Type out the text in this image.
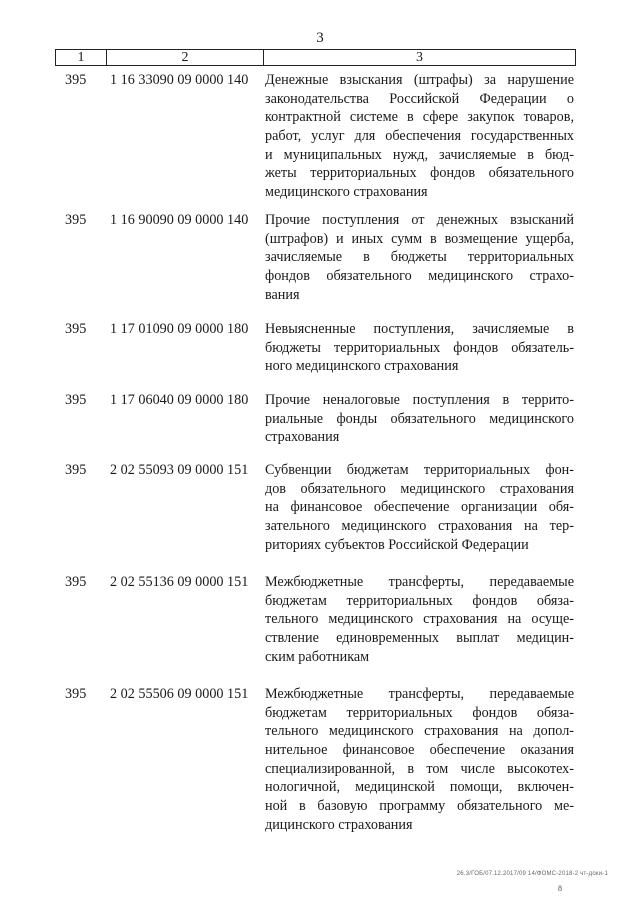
3
1	2	3
395 1 16 33090 09 0000 140 Денежные взыскания (штрафы) за нарушение
законодательства Российской Федерации о
контрактной системе в сфере закупок товаров,
работ, услуг для обеспечения государственных
и муниципальных нужд, зачисляемые в бюд-
жеты территориальных фондов обязательного
медицинского страхования
395 1 16 90090 09 0000 140 Прочие поступления от денежных взысканий
(штрафов) и иных сумм в возмещение ущерба,
зачисляемые в бюджеты территориальных
фондов обязательного медицинского страхо-
вания
395 1 17 01090 09 0000 180 Невыясненные поступления, зачисляемые в
бюджеты территориальных фондов обязатель-
ного медицинского страхования
395 1 17 06040 09 0000 180 Прочие неналоговые поступления в террито-
риальные фонды обязательного медицинского
страхования
395 2 02 55093 09 0000 151 Субвенции бюджетам территориальных фон-
дов обязательного медицинского страхования
на финансовое обеспечение организации обя-
зательного медицинского страхования на тер-
риториях субъектов Российской Федерации
395 2 02 55136 09 0000 151 Межбюджетные трансферты, передаваемые
бюджетам территориальных фондов обяза-
тельного медицинского страхования на осуще-
ствление единовременных выплат медицин-
ским работникам
395 2 02 55506 09 0000 151 Межбюджетные трансферты, передаваемые
бюджетам территориальных фондов обяза-
тельного медицинского страхования на допол-
нительное финансовое обеспечение оказания
специализированной, в том числе высокотех-
нологичной, медицинской помощи, включен-
ной в базовую программу обязательного ме-
дицинского страхования
26.3/ГОБ/07.12.2017/09 14/ФОМС-2018-2 чт-доки-1
8
